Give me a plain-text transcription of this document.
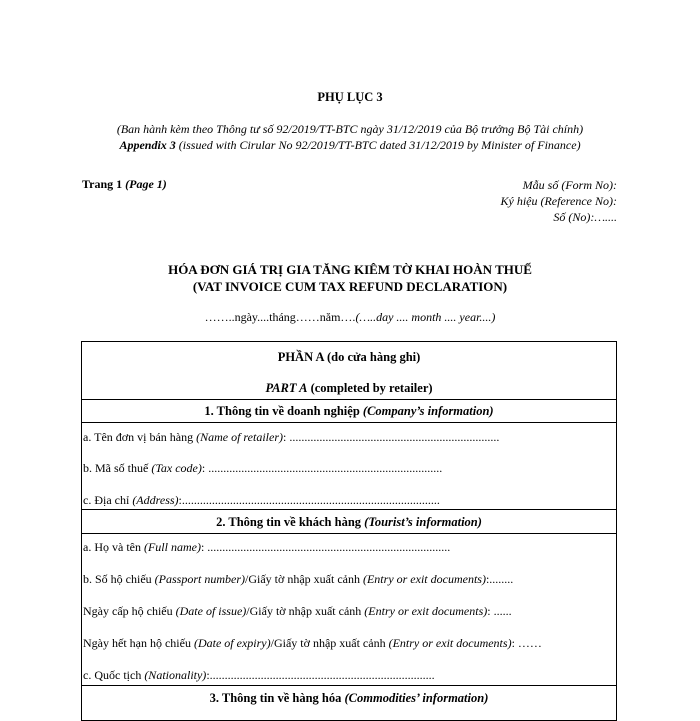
PHỤ LỤC 3
(Ban hành kèm theo Thông tư số 92/2019/TT-BTC ngày 31/12/2019 của Bộ trưởng Bộ Tài chính)
Appendix 3 (issued with Cirular No 92/2019/TT-BTC dated 31/12/2019 by Minister of Finance)
Trang 1 (Page 1)	Mẫu số (Form No):
Ký hiệu (Reference No):
Số (No):…....
HÓA ĐƠN GIÁ TRỊ GIA TĂNG KIÊM TỜ KHAI HOÀN THUẾ
(VAT INVOICE CUM TAX REFUND DECLARATION)
……..ngày....tháng……năm….(…..day .... month .... year....)
PHẦN A (do cửa hàng ghi)
PART A (completed by retailer)
1. Thông tin về doanh nghiệp (Company’s information)
a. Tên đơn vị bán hàng (Name of retailer): ......................................................................
b. Mã số thuế (Tax code): ..............................................................................
c. Địa chỉ (Address):......................................................................................
2. Thông tin về khách hàng (Tourist’s information)
a. Họ và tên (Full name): .................................................................................
b. Số hộ chiếu (Passport number)/Giấy tờ nhập xuất cảnh (Entry or exit documents):........
Ngày cấp hộ chiếu (Date of issue)/Giấy tờ nhập xuất cảnh (Entry or exit documents): ......
Ngày hết hạn hộ chiếu (Date of expiry)/Giấy tờ nhập xuất cảnh (Entry or exit documents): ……
c. Quốc tịch (Nationality):...........................................................................
3. Thông tin về hàng hóa (Commodities’ information)
